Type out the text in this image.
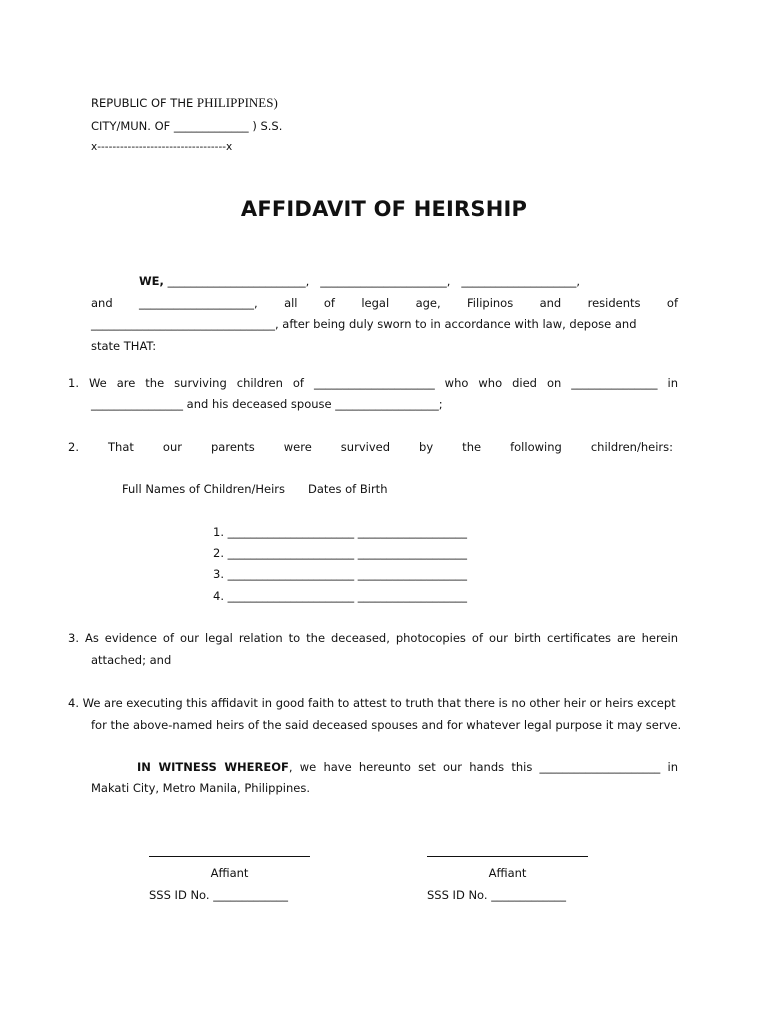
REPUBLIC OF THE PHILIPPINES)
CITY/MUN. OF _____________ ) S.S.
x----------------------------------x
AFFIDAVIT OF HEIRSHIP
WE, ________________________,   ______________________,   ____________________,
and ____________________, all of legal age, Filipinos and residents of
________________________________, after being duly sworn to in accordance with law, depose and
state THAT:
1. We are the surviving children of _____________________ who who died on _______________ in
________________ and his deceased spouse __________________;
2. That our parents were survived by the following children/heirs:
Full Names of Children/Heirs Dates of Birth
1. ______________________ ___________________
2. ______________________ ___________________
3. ______________________ ___________________
4. ______________________ ___________________
3. As evidence of our legal relation to the deceased, photocopies of our birth certificates are herein
attached; and
4. We are executing this affidavit in good faith to attest to truth that there is no other heir or heirs except
for the above-named heirs of the said deceased spouses and for whatever legal purpose it may serve.
IN WITNESS WHEREOF, we have hereunto set our hands this _____________________ in
Makati City, Metro Manila, Philippines.
Affiant
SSS ID No. _____________
Affiant
SSS ID No. _____________
